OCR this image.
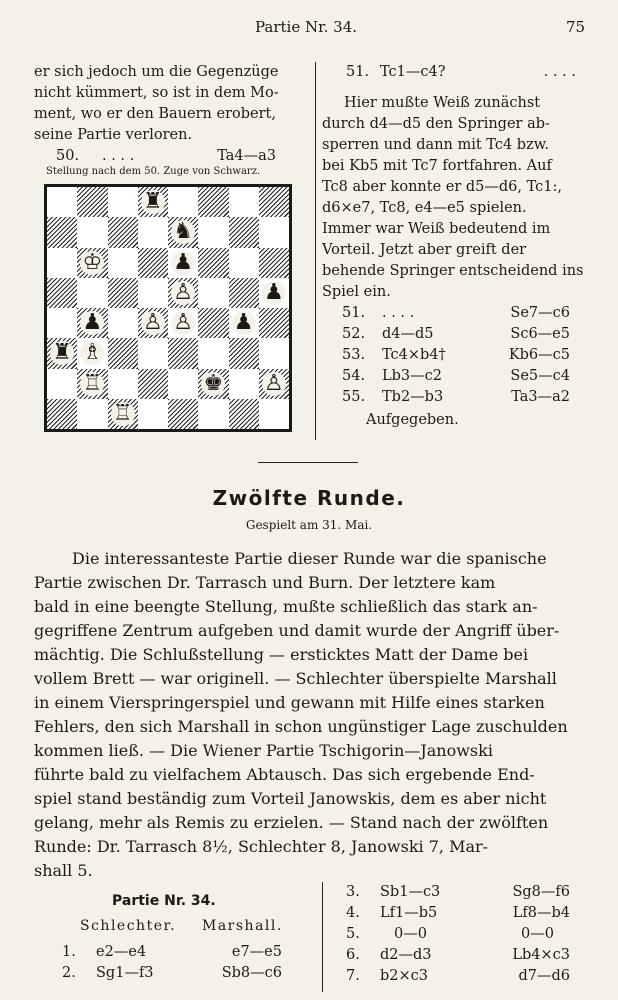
Partie Nr. 34.	75
er sich jedoch um die Gegenzüge
nicht kümmert, so ist in dem Mo-
ment, wo er den Bauern erobert,
seine Partie verloren.
50.	. . . .	Ta4—a3
Stellung nach dem 50. Zuge von Schwarz.
♜
♞
♔	♟
♙	♟
♟ ♙ ♙ ♟
♜ ♗
♖	♚ ♙
♖
51. Tc1—c4?	. . . .
Hier mußte Weiß zunächst
durch d4—d5 den Springer ab-
sperren und dann mit Tc4 bzw.
bei Kb5 mit Tc7 fortfahren. Auf
Tc8 aber konnte er d5—d6, Tc1:,
d6×e7, Tc8, e4—e5 spielen.
Immer war Weiß bedeutend im
Vorteil. Jetzt aber greift der
behende Springer entscheidend ins
Spiel ein.
51.	. . . .	Se7—c6
52.	d4—d5	Sc6—e5
53.	Tc4×b4†	Kb6—c5
54.	Lb3—c2	Se5—c4
55.	Tb2—b3	Ta3—a2
Aufgegeben.
Zwölfte Runde.
Gespielt am 31. Mai.
Die interessanteste Partie dieser Runde war die spanische
Partie zwischen Dr. Tarrasch und Burn. Der letztere kam
bald in eine beengte Stellung, mußte schließlich das stark an-
gegriffene Zentrum aufgeben und damit wurde der Angriff über-
mächtig. Die Schlußstellung — ersticktes Matt der Dame bei
vollem Brett — war originell. — Schlechter überspielte Marshall
in einem Vierspringerspiel und gewann mit Hilfe eines starken
Fehlers, den sich Marshall in schon ungünstiger Lage zuschulden
kommen ließ. — Die Wiener Partie Tschigorin—Janowski
führte bald zu vielfachem Abtausch. Das sich ergebende End-
spiel stand beständig zum Vorteil Janowskis, dem es aber nicht
gelang, mehr als Remis zu erzielen. — Stand nach der zwölften
Runde: Dr. Tarrasch 8½, Schlechter 8, Janowski 7, Mar-
shall 5.
Partie Nr. 34.
Schlechter. Marshall.
1.	e2—e4	e7—e5
2.	Sg1—f3	Sb8—c6
3.	Sb1—c3	Sg8—f6
4.	Lf1—b5	Lf8—b4
5.	0—0	0—0
6.	d2—d3	Lb4×c3
7.	b2×c3	d7—d6
